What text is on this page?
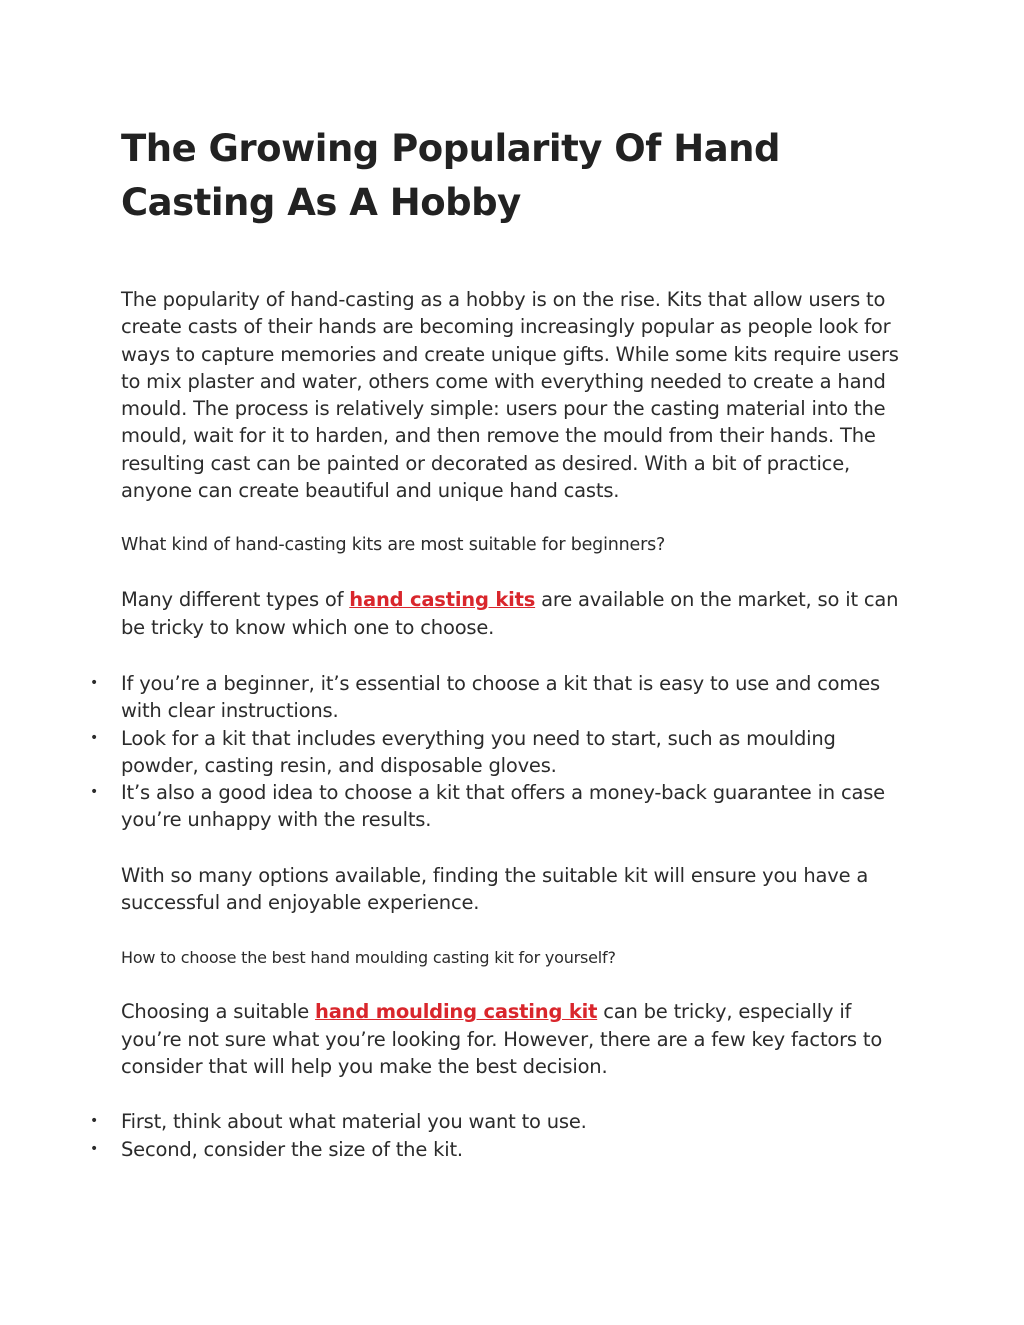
The Growing Popularity Of Hand Casting As A Hobby

The popularity of hand-casting as a hobby is on the rise. Kits that allow users to create casts of their hands are becoming increasingly popular as people look for ways to capture memories and create unique gifts. While some kits require users to mix plaster and water, others come with everything needed to create a hand mould. The process is relatively simple: users pour the casting material into the mould, wait for it to harden, and then remove the mould from their hands. The resulting cast can be painted or decorated as desired. With a bit of practice, anyone can create beautiful and unique hand casts.

What kind of hand-casting kits are most suitable for beginners?

Many different types of hand casting kits are available on the market, so it can be tricky to know which one to choose.

• If you’re a beginner, it’s essential to choose a kit that is easy to use and comes with clear instructions.
• Look for a kit that includes everything you need to start, such as moulding powder, casting resin, and disposable gloves.
• It’s also a good idea to choose a kit that offers a money-back guarantee in case you’re unhappy with the results.

With so many options available, finding the suitable kit will ensure you have a successful and enjoyable experience.

How to choose the best hand moulding casting kit for yourself?

Choosing a suitable hand moulding casting kit can be tricky, especially if you’re not sure what you’re looking for. However, there are a few key factors to consider that will help you make the best decision.

• First, think about what material you want to use.
• Second, consider the size of the kit.
